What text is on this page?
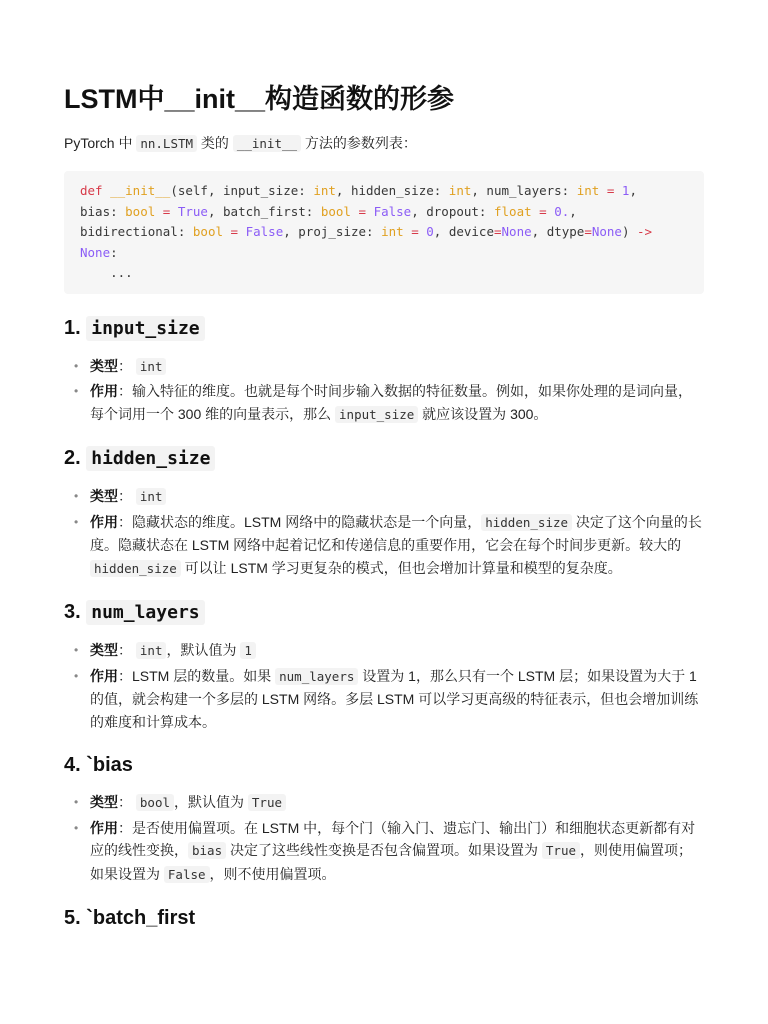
LSTM中__init__构造函数的形参

PyTorch 中 nn.LSTM 类的 __init__ 方法的参数列表：

def __init__(self, input_size: int, hidden_size: int, num_layers: int = 1,
bias: bool = True, batch_first: bool = False, dropout: float = 0.,
bidirectional: bool = False, proj_size: int = 0, device=None, dtype=None) ->
None:
...
1. input_size
• 类型： int
• 作用：输入特征的维度。也就是每个时间步输入数据的特征数量。例如，如果你处理的是词向量，每个词用一个 300 维的向量表示，那么 input_size 就应该设置为 300。
2. hidden_size
• 类型： int
• 作用：隐藏状态的维度。LSTM 网络中的隐藏状态是一个向量， hidden_size 决定了这个向量的长度。隐藏状态在 LSTM 网络中起着记忆和传递信息的重要作用，它会在每个时间步更新。较大的 hidden_size 可以让 LSTM 学习更复杂的模式，但也会增加计算量和模型的复杂度。
3. num_layers
• 类型： int ，默认值为 1
• 作用：LSTM 层的数量。如果 num_layers 设置为 1，那么只有一个 LSTM 层；如果设置为大于 1 的值，就会构建一个多层的 LSTM 网络。多层 LSTM 可以学习更高级的特征表示，但也会增加训练的难度和计算成本。
4. `bias
• 类型： bool ，默认值为 True
• 作用：是否使用偏置项。在 LSTM 中，每个门（输入门、遗忘门、输出门）和细胞状态更新都有对应的线性变换， bias 决定了这些线性变换是否包含偏置项。如果设置为 True ，则使用偏置项；如果设置为 False ，则不使用偏置项。
5. `batch_first
